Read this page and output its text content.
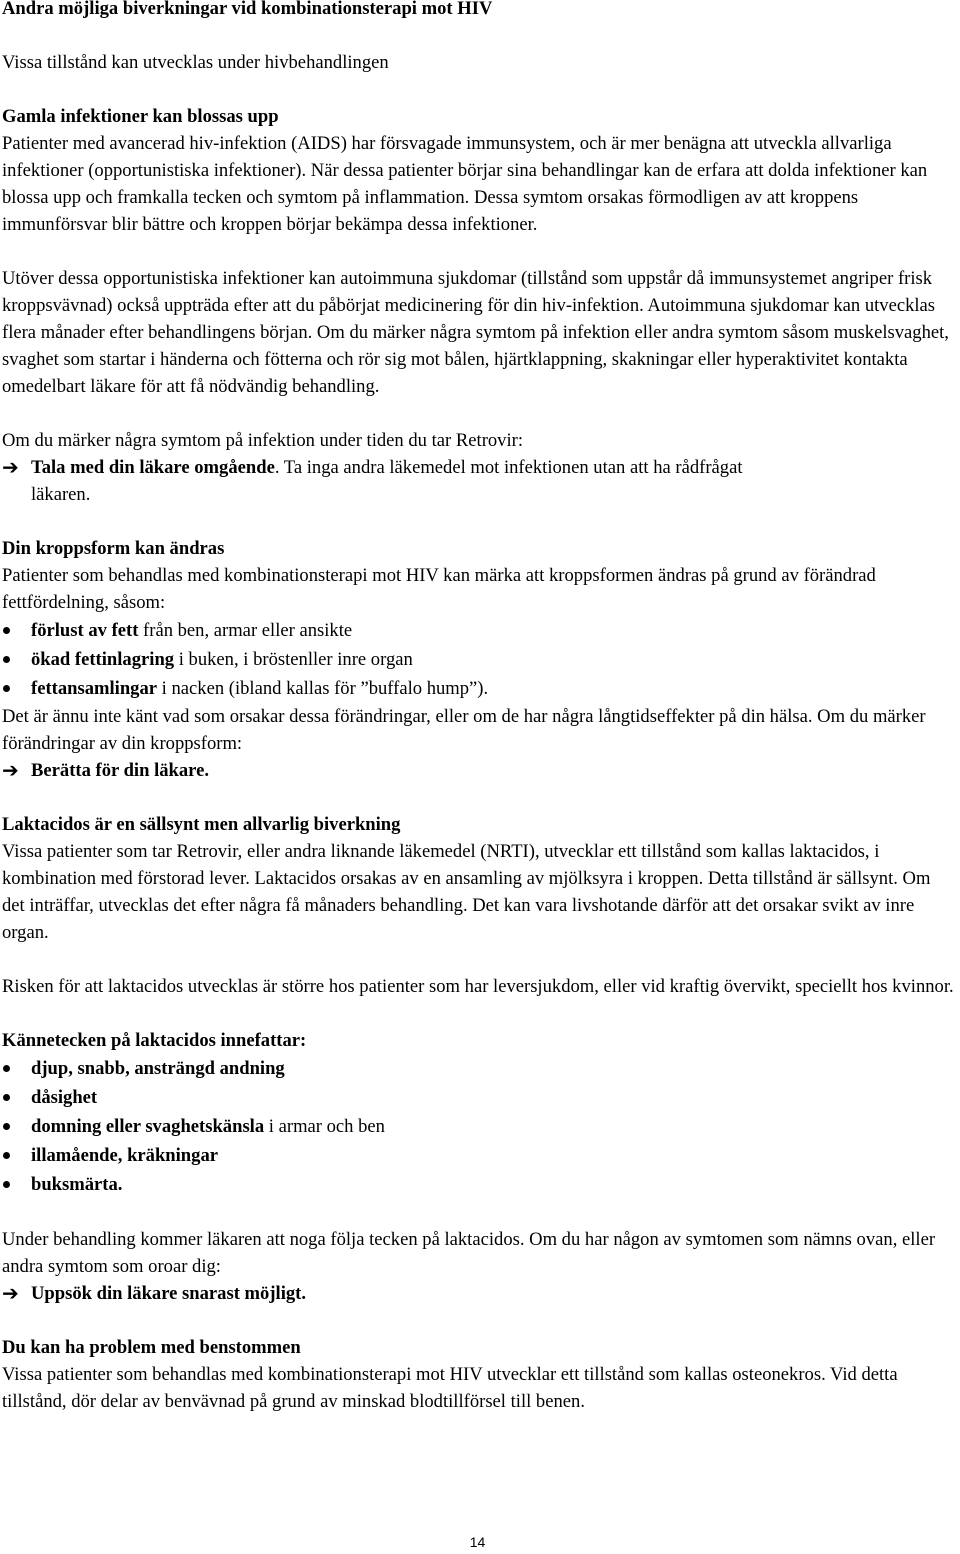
Andra möjliga biverkningar vid kombinationsterapi mot HIV

Vissa tillstånd kan utvecklas under hivbehandlingen

Gamla infektioner kan blossas upp

Patienter med avancerad hiv-infektion (AIDS) har försvagade immunsystem, och är mer benägna att utveckla allvarliga infektioner (opportunistiska infektioner). När dessa patienter börjar sina behandlingar kan de erfara att dolda infektioner kan blossa upp och framkalla tecken och symtom på inflammation. Dessa symtom orsakas förmodligen av att kroppens immunförsvar blir bättre och kroppen börjar bekämpa dessa infektioner.

Utöver dessa opportunistiska infektioner kan autoimmuna sjukdomar (tillstånd som uppstår då immunsystemet angriper frisk kroppsvävnad) också uppträda efter att du påbörjat medicinering för din hiv-infektion. Autoimmuna sjukdomar kan utvecklas flera månader efter behandlingens början. Om du märker några symtom på infektion eller andra symtom såsom muskelsvaghet, svaghet som startar i händerna och fötterna och rör sig mot bålen, hjärtklappning, skakningar eller hyperaktivitet kontakta omedelbart läkare för att få nödvändig behandling.

Om du märker några symtom på infektion under tiden du tar Retrovir:

➔ Tala med din läkare omgående. Ta inga andra läkemedel mot infektionen utan att ha rådfrågat

läkaren.

Din kroppsform kan ändras

Patienter som behandlas med kombinationsterapi mot HIV kan märka att kroppsformen ändras på grund av förändrad fettfördelning, såsom:

förlust av fett från ben, armar eller ansikte
ökad fettinlagring i buken, i bröstenller inre organ
fettansamlingar i nacken (ibland kallas för ”buffalo hump”).

Det är ännu inte känt vad som orsakar dessa förändringar, eller om de har några långtidseffekter på din hälsa. Om du märker förändringar av din kroppsform:

➔ Berätta för din läkare.

Laktacidos är en sällsynt men allvarlig biverkning

Vissa patienter som tar Retrovir, eller andra liknande läkemedel (NRTI), utvecklar ett tillstånd som kallas laktacidos, i kombination med förstorad lever. Laktacidos orsakas av en ansamling av mjölksyra i kroppen. Detta tillstånd är sällsynt. Om det inträffar, utvecklas det efter några få månaders behandling. Det kan vara livshotande därför att det orsakar svikt av inre organ.

Risken för att laktacidos utvecklas är större hos patienter som har leversjukdom, eller vid kraftig övervikt, speciellt hos kvinnor.

Kännetecken på laktacidos innefattar:

djup, snabb, ansträngd andning
dåsighet
domning eller svaghetskänsla i armar och ben
illamående, kräkningar
buksmärta.

Under behandling kommer läkaren att noga följa tecken på laktacidos. Om du har någon av symtomen som nämns ovan, eller andra symtom som oroar dig:

➔ Uppsök din läkare snarast möjligt.

Du kan ha problem med benstommen

Vissa patienter som behandlas med kombinationsterapi mot HIV utvecklar ett tillstånd som kallas osteonekros. Vid detta tillstånd, dör delar av benvävnad på grund av minskad blodtillförsel till benen.

14
